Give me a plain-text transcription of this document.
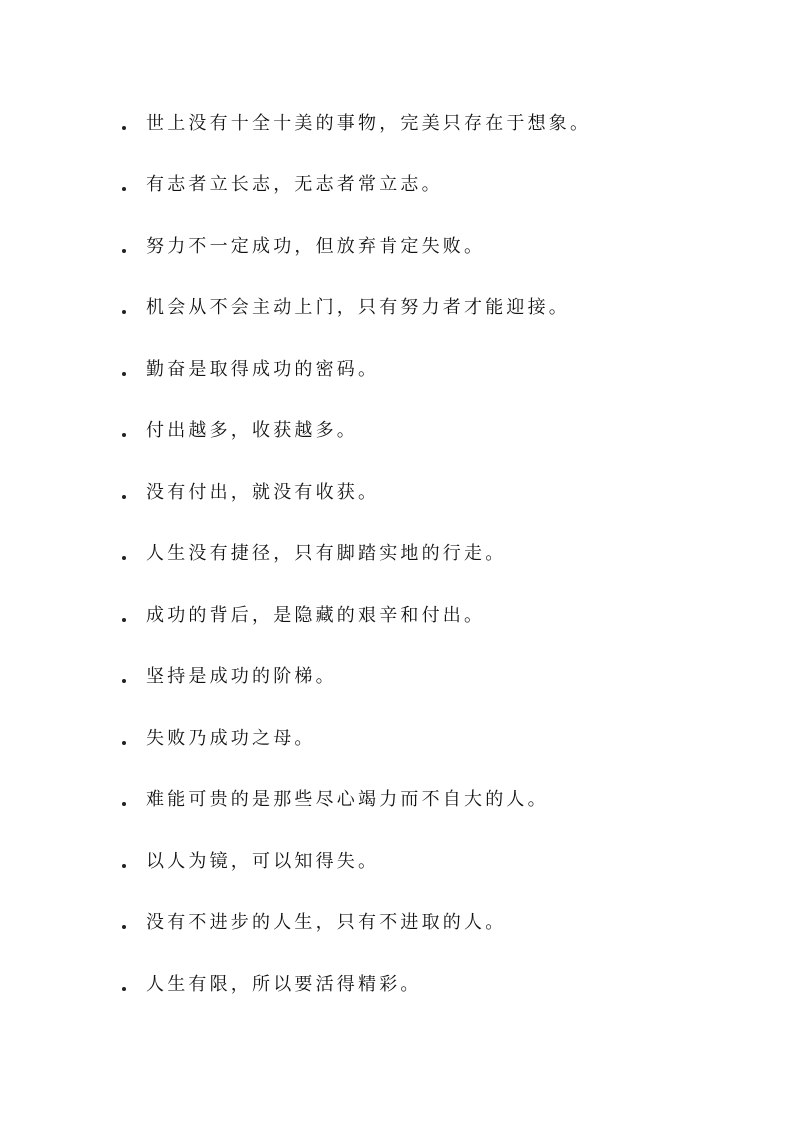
世上没有十全十美的事物，完美只存在于想象。
有志者立长志，无志者常立志。
努力不一定成功，但放弃肯定失败。
机会从不会主动上门，只有努力者才能迎接。
勤奋是取得成功的密码。
付出越多，收获越多。
没有付出，就没有收获。
人生没有捷径，只有脚踏实地的行走。
成功的背后，是隐藏的艰辛和付出。
坚持是成功的阶梯。
失败乃成功之母。
难能可贵的是那些尽心竭力而不自大的人。
以人为镜，可以知得失。
没有不进步的人生，只有不进取的人。
人生有限，所以要活得精彩。
